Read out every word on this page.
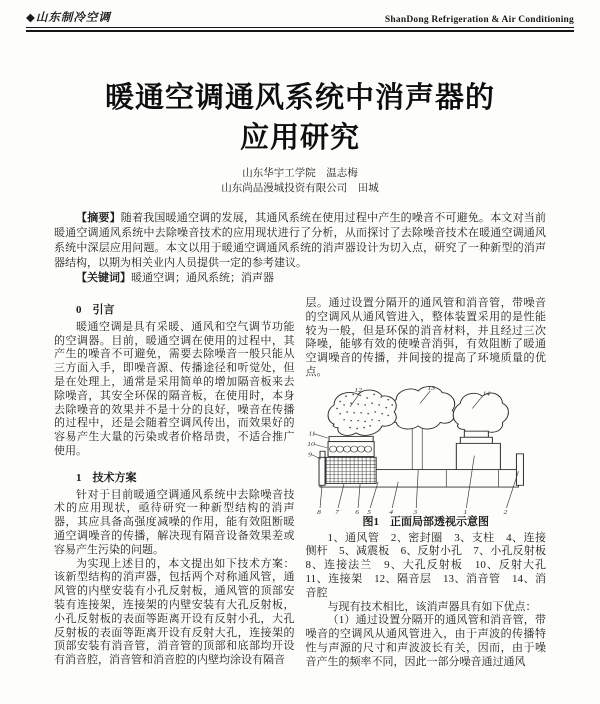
◆山东制冷空调	ShanDong Refrigeration & Air Conditioning
暖通空调通风系统中消声器的
应用研究
山东华宇工学院　温志梅
山东尚品漫城投资有限公司　田城

【摘要】随着我国暖通空调的发展，其通风系统在使用过程中产生的噪音不可避免。本文对当前暖通空调通风系统中去除噪音技术的应用现状进行了分析，从而探讨了去除噪音技术在暖通空调通风系统中深层应用问题。本文以用于暖通空调通风系统的消声器设计为切入点，研究了一种新型的消声器结构，以期为相关业内人员提供一定的参考建议。

【关键词】暖通空调；通风系统；消声器

0　引言

暖通空调是具有采暖、通风和空气调节功能的空调器。目前，暖通空调在使用的过程中，其产生的噪音不可避免，需要去除噪音一般只能从三方面入手，即噪音源、传播途径和听觉处，但是在处理上，通常是采用简单的增加隔音板来去除噪音，其安全环保的隔音板，在使用时，本身去除噪音的效果并不是十分的良好，噪音在传播的过程中，还是会随着空调风传出，而效果好的容易产生大量的污染或者价格昂贵，不适合推广使用。

1　技术方案

针对于目前暖通空调通风系统中去除噪音技术的应用现状，亟待研究一种新型结构的消声器，其应具备高强度减噪的作用，能有效阻断暖通空调噪音的传播，解决现有隔音设备效果差或容易产生污染的问题。

为实现上述目的，本文提出如下技术方案：该新型结构的消声器，包括两个对称通风管，通风管的内壁安装有小孔反射板，通风管的顶部安装有连接架，连接架的内壁安装有大孔反射板，小孔反射板的表面等距离开设有反射小孔，大孔反射板的表面等距离开设有反射大孔，连接架的顶部安装有消音管，消音管的顶部和底部均开设有消音腔，消音管和消音腔的内壁均涂设有隔音

层。通过设置分隔开的通风管和消音管，带噪音的空调风从通风管进入，整体装置采用的是性能较为一般，但是环保的消音材料，并且经过三次降噪，能够有效的使噪音消弭，有效阻断了暖通空调噪音的传播，并间接的提高了环境质量的优点。

12	13
14
11
10
9
8 7 6 5 4	3	1	2
图1　正面局部透视示意图

1、通风管　2、密封圈　3、支柱　4、连接侧杆　5、减震板　6、反射小孔　7、小孔反射板　8、连接法兰　9、大孔反射板　10、反射大孔　11、连接架　12、隔音层　13、消音管　14、消音腔

与现有技术相比，该消声器具有如下优点：

（1）通过设置分隔开的通风管和消音管，带噪音的空调风从通风管进入，由于声波的传播特性与声源的尺寸和声波波长有关，因而，由于噪音产生的频率不同，因此一部分噪音通过通风
